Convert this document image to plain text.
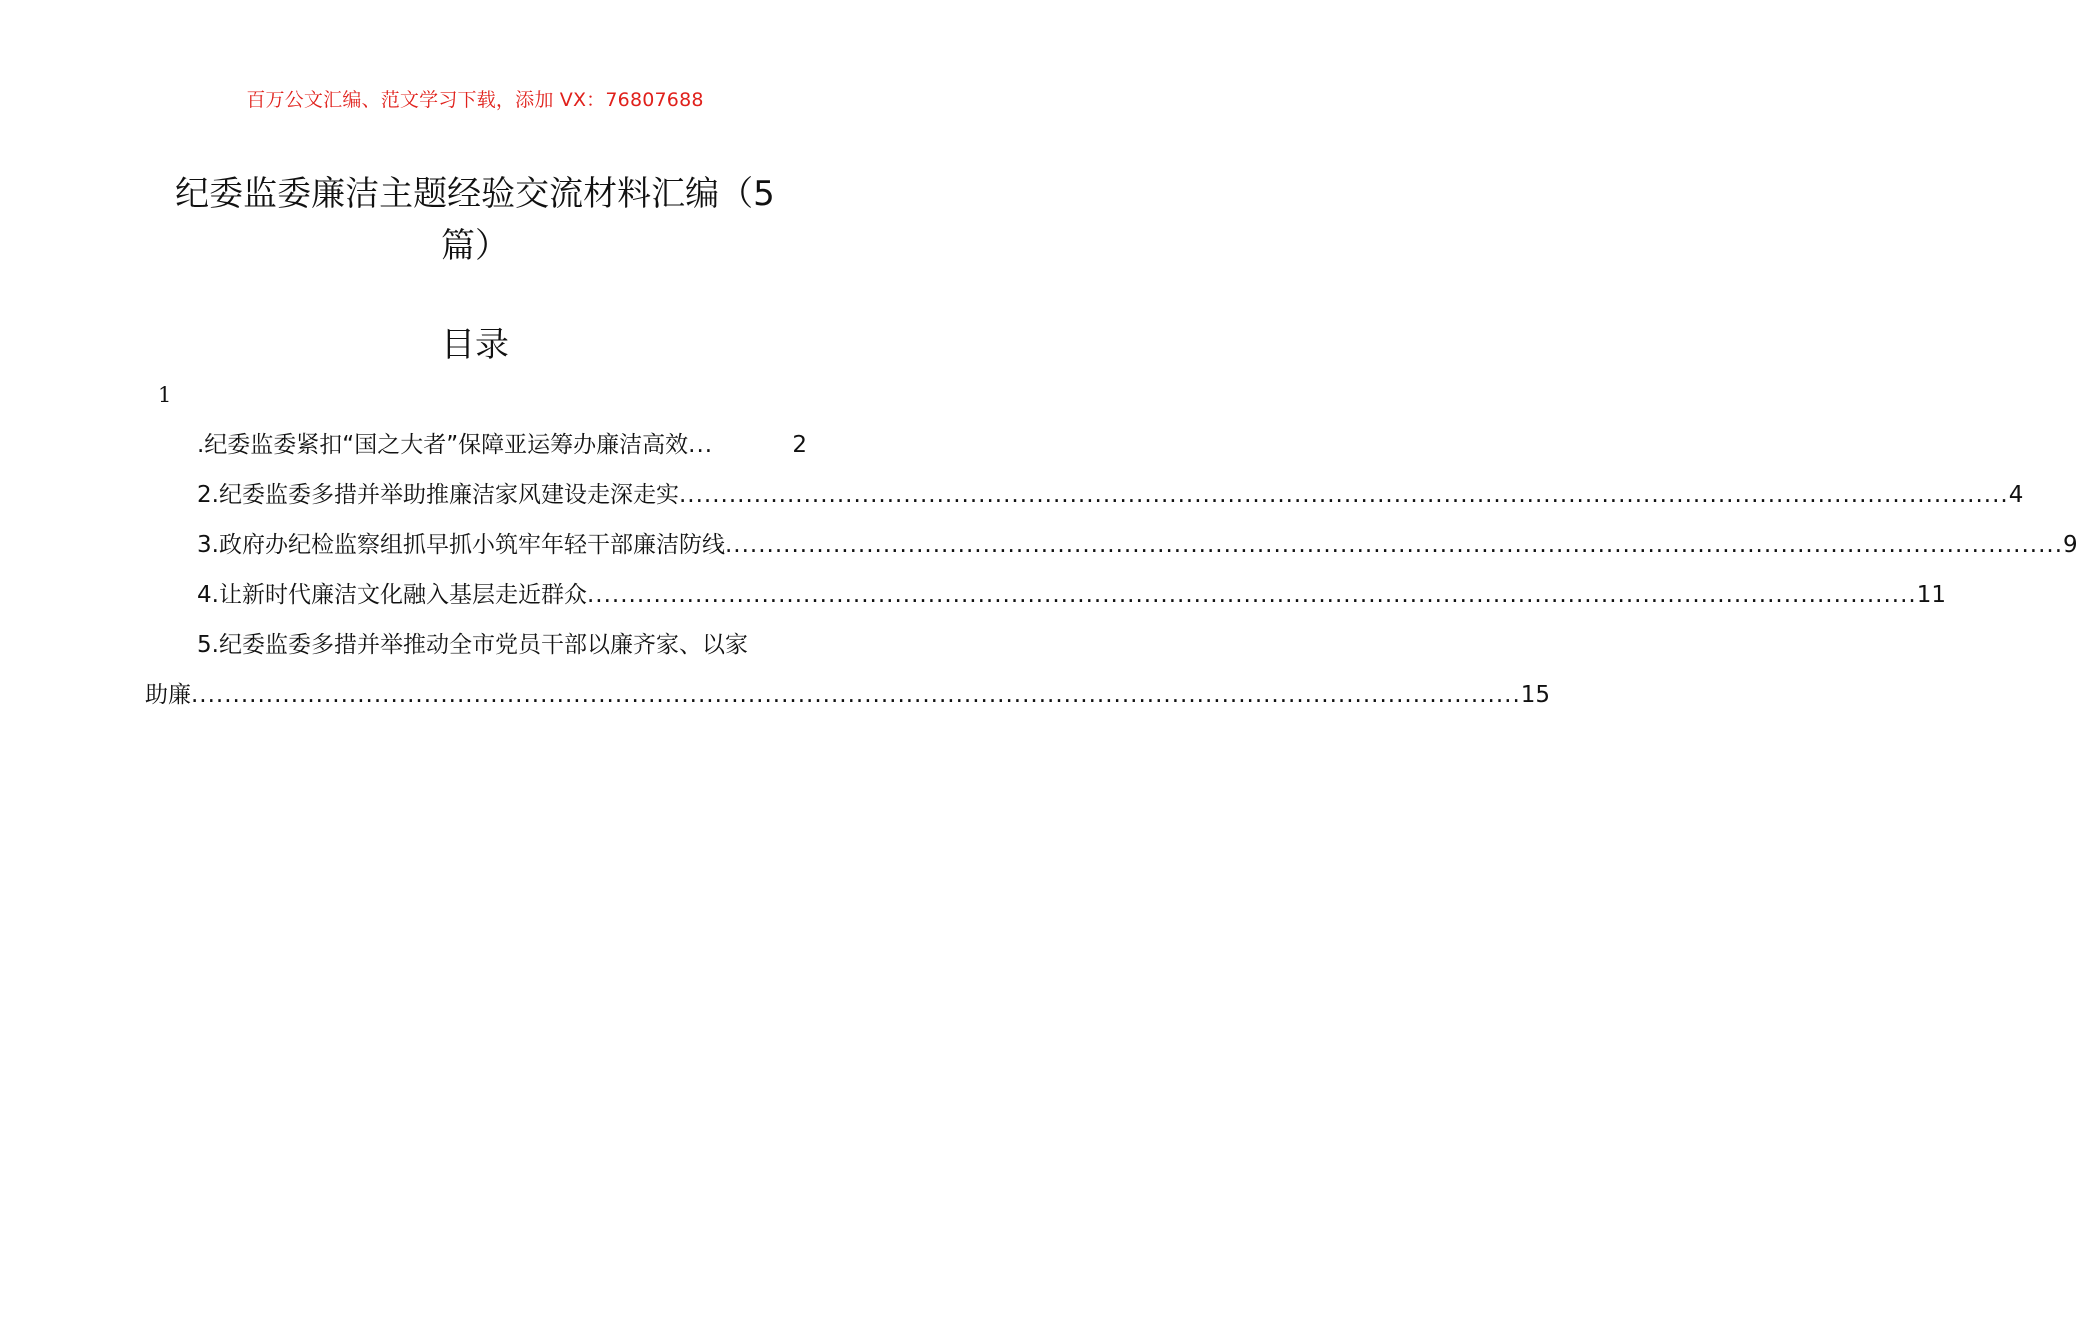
百万公文汇编、范文学习下载，添加 VX：76807688
纪委监委廉洁主题经验交流材料汇编（5
篇）
目录
1
.纪委监委紧扣“国之大者”保障亚运筹办廉洁高效 ...	2
2.纪委监委多措并举助推廉洁家风建设走深走实 .....	4
3.政府办纪检监察组抓早抓小筑牢年轻干部廉洁防线	..... . 9
4.让新时代廉洁文化融入基层走近群众 .....	11
5.纪委监委多措并举推动全市党员干部以廉齐家、以家
助廉 .....	15
